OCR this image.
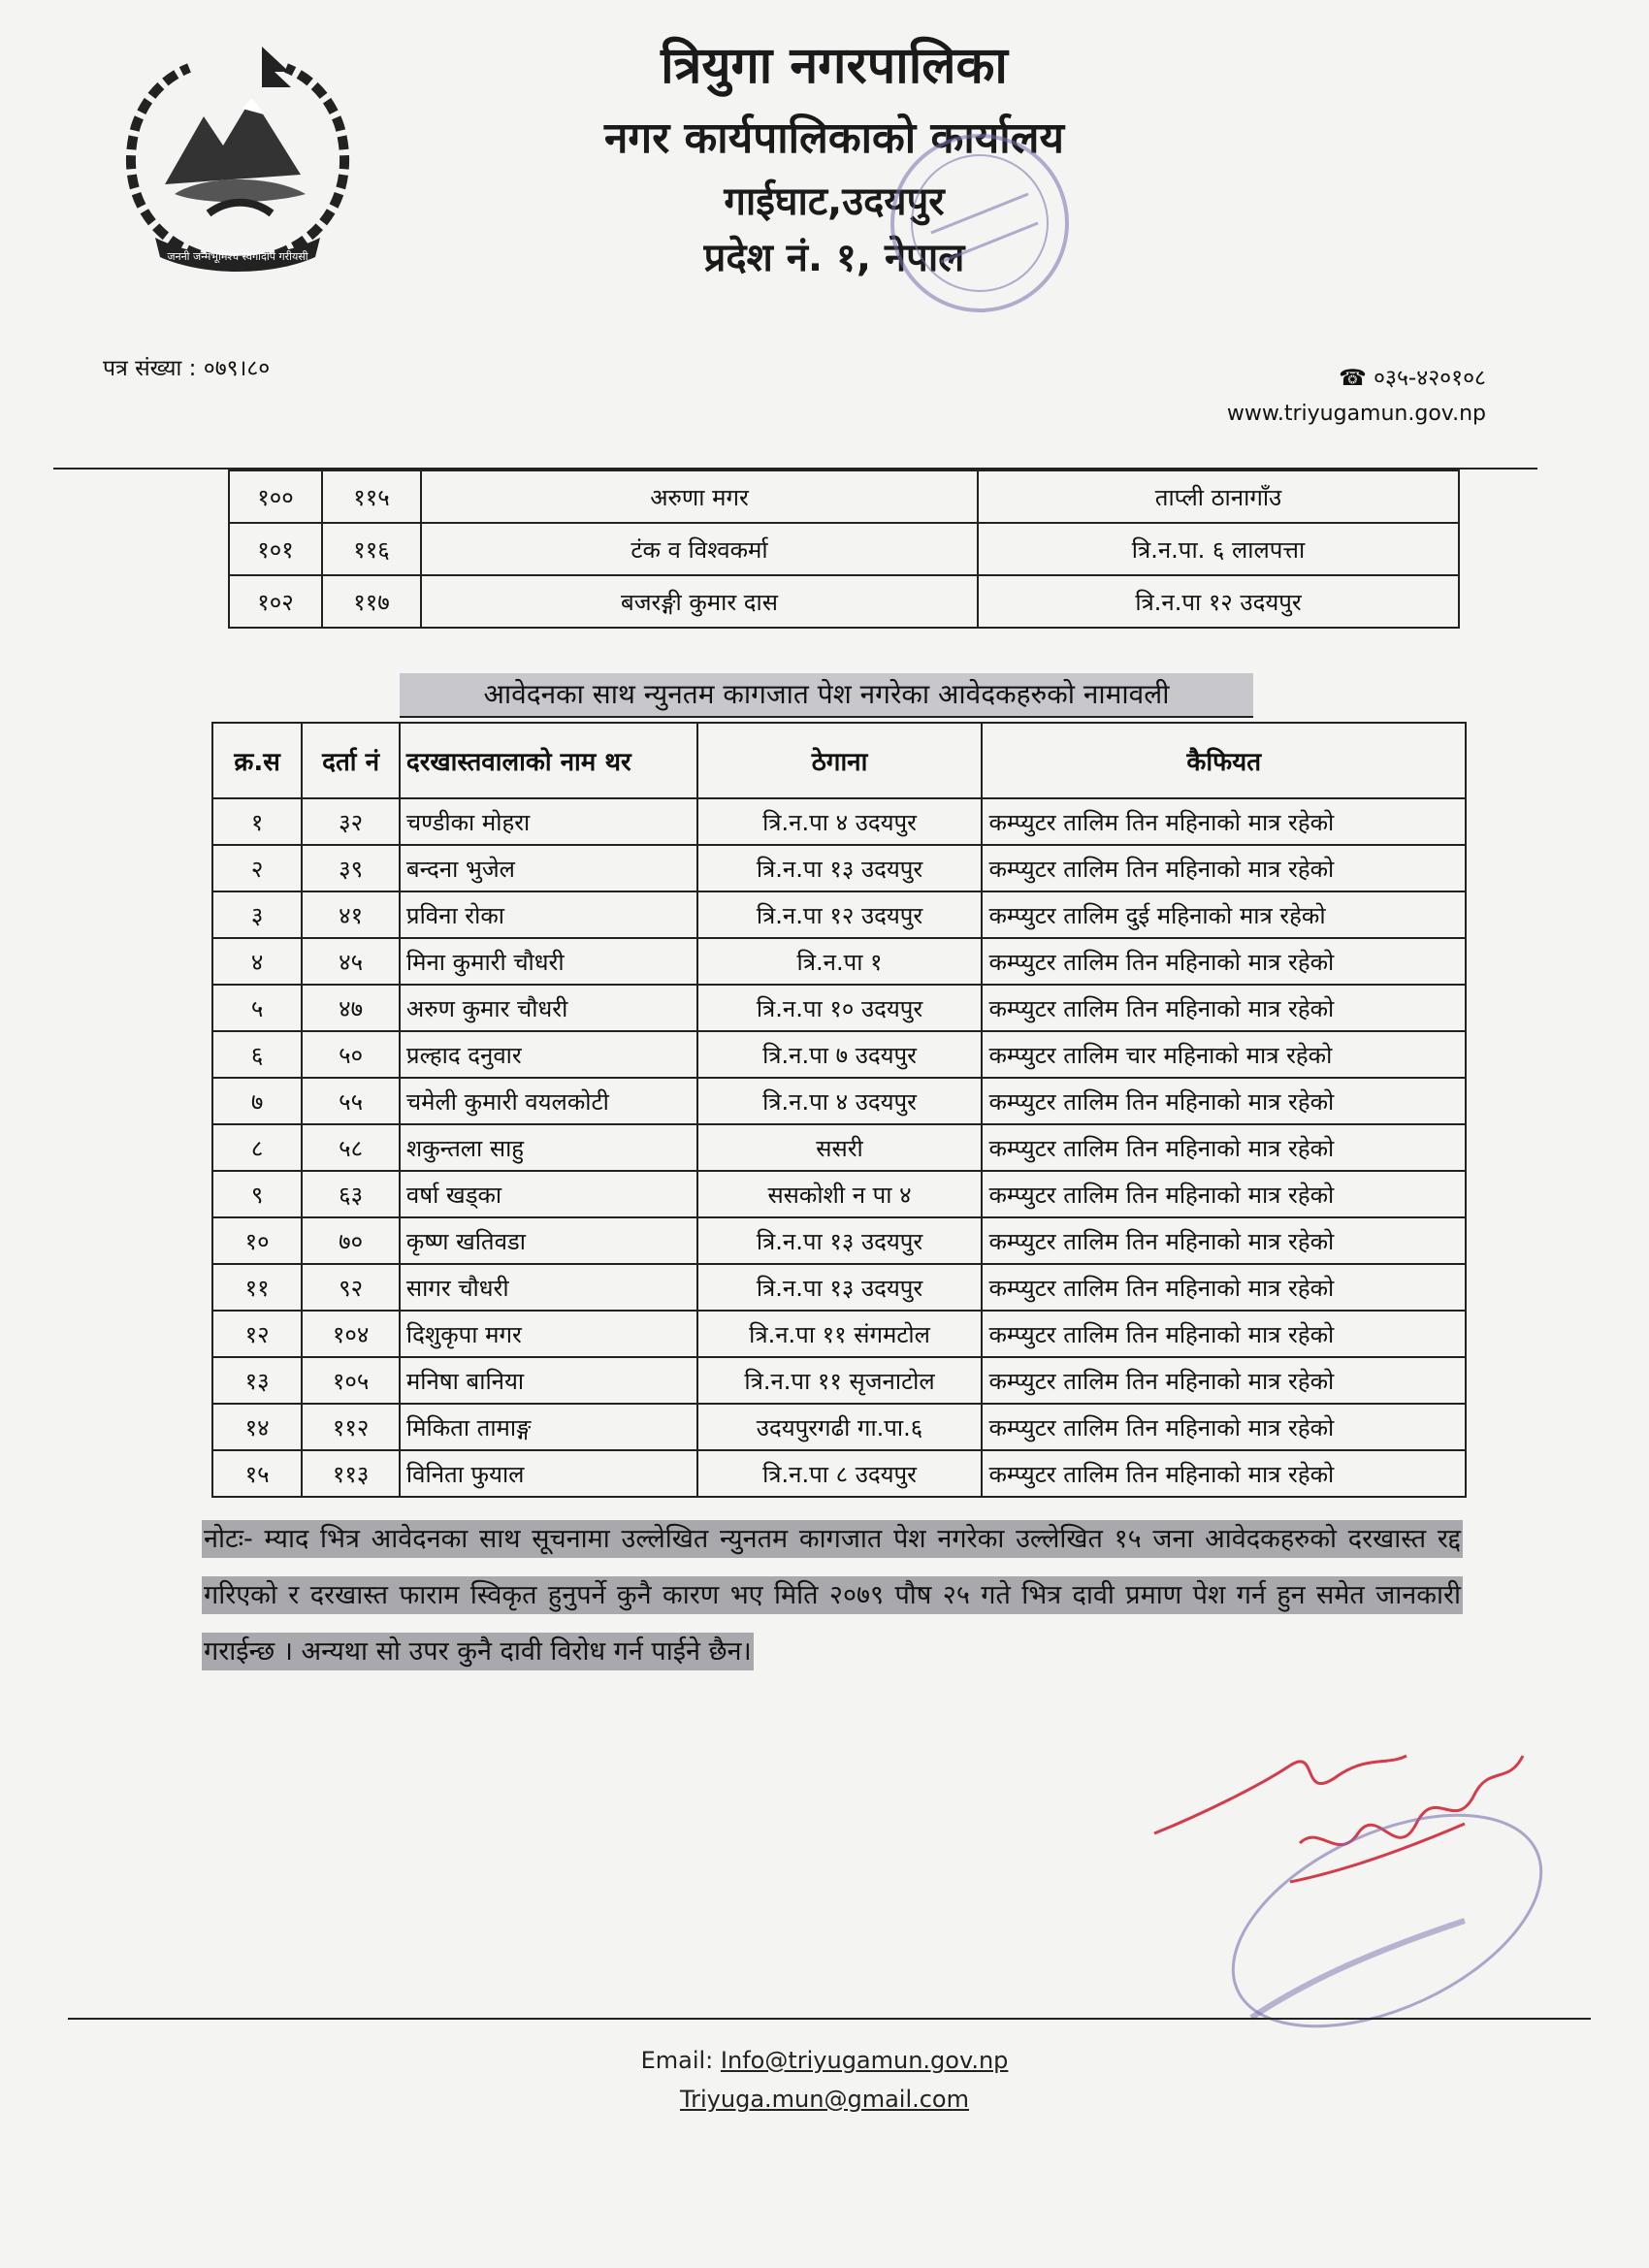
जननी जन्मभूमिश्च स्वर्गादपि गरीयसी
त्रियुगा नगरपालिका
नगर कार्यपालिकाको कार्यालय
गाईघाट,उदयपुर
प्रदेश नं. १, नेपाल
पत्र संख्या : ०७९।८०	☎ ०३५-४२०१०८
www.triyugamun.gov.np
१००	११५	अरुणा मगर	ताप्ली ठानागाँउ
१०१	११६	टंक व विश्वकर्मा	त्रि.न.पा. ६ लालपत्ता
१०२	११७	बजरङ्गी कुमार दास	त्रि.न.पा १२ उदयपुर
आवेदनका साथ न्युनतम कागजात पेश नगरेका आवेदकहरुको नामावली
क्र.स	दर्ता नं	दरखास्तवालाको नाम थर	ठेगाना	कैफियत
१	३२	चण्डीका मोहरा	त्रि.न.पा ४ उदयपुर	कम्प्युटर तालिम तिन महिनाको मात्र रहेको
२	३९	बन्दना भुजेल	त्रि.न.पा १३ उदयपुर	कम्प्युटर तालिम तिन महिनाको मात्र रहेको
३	४१	प्रविना रोका	त्रि.न.पा १२ उदयपुर	कम्प्युटर तालिम दुई महिनाको मात्र रहेको
४	४५	मिना कुमारी चौधरी	त्रि.न.पा १	कम्प्युटर तालिम तिन महिनाको मात्र रहेको
५	४७	अरुण कुमार चौधरी	त्रि.न.पा १० उदयपुर	कम्प्युटर तालिम तिन महिनाको मात्र रहेको
६	५०	प्रल्हाद दनुवार	त्रि.न.पा ७ उदयपुर	कम्प्युटर तालिम चार महिनाको मात्र रहेको
७	५५	चमेली कुमारी वयलकोटी	त्रि.न.पा ४ उदयपुर	कम्प्युटर तालिम तिन महिनाको मात्र रहेको
८	५८	शकुन्तला साहु	ससरी	कम्प्युटर तालिम तिन महिनाको मात्र रहेको
९	६३	वर्षा खड्का	ससकोशी न पा ४	कम्प्युटर तालिम तिन महिनाको मात्र रहेको
१०	७०	कृष्ण खतिवडा	त्रि.न.पा १३ उदयपुर	कम्प्युटर तालिम तिन महिनाको मात्र रहेको
११	९२	सागर चौधरी	त्रि.न.पा १३ उदयपुर	कम्प्युटर तालिम तिन महिनाको मात्र रहेको
१२	१०४	दिशुकृपा मगर	त्रि.न.पा ११ संगमटोल	कम्प्युटर तालिम तिन महिनाको मात्र रहेको
१३	१०५	मनिषा बानिया	त्रि.न.पा ११ सृजनाटोल	कम्प्युटर तालिम तिन महिनाको मात्र रहेको
१४	११२	मिकिता तामाङ्ग	उदयपुरगढी गा.पा.६	कम्प्युटर तालिम तिन महिनाको मात्र रहेको
१५	११३	विनिता फुयाल	त्रि.न.पा ८ उदयपुर	कम्प्युटर तालिम तिन महिनाको मात्र रहेको
नोटः- म्याद भित्र आवेदनका साथ सूचनामा उल्लेखित न्युनतम कागजात पेश नगरेका उल्लेखित १५ जना आवेदकहरुको दरखास्त रद्द गरिएको र दरखास्त फाराम स्विकृत हुनुपर्ने कुनै कारण भए मिति २०७९ पौष २५ गते भित्र दावी प्रमाण पेश गर्न हुन समेत जानकारी गराईन्छ । अन्यथा सो उपर कुनै दावी विरोध गर्न पाईने छैन।
Email: Info@triyugamun.gov.np
Triyuga.mun@gmail.com
